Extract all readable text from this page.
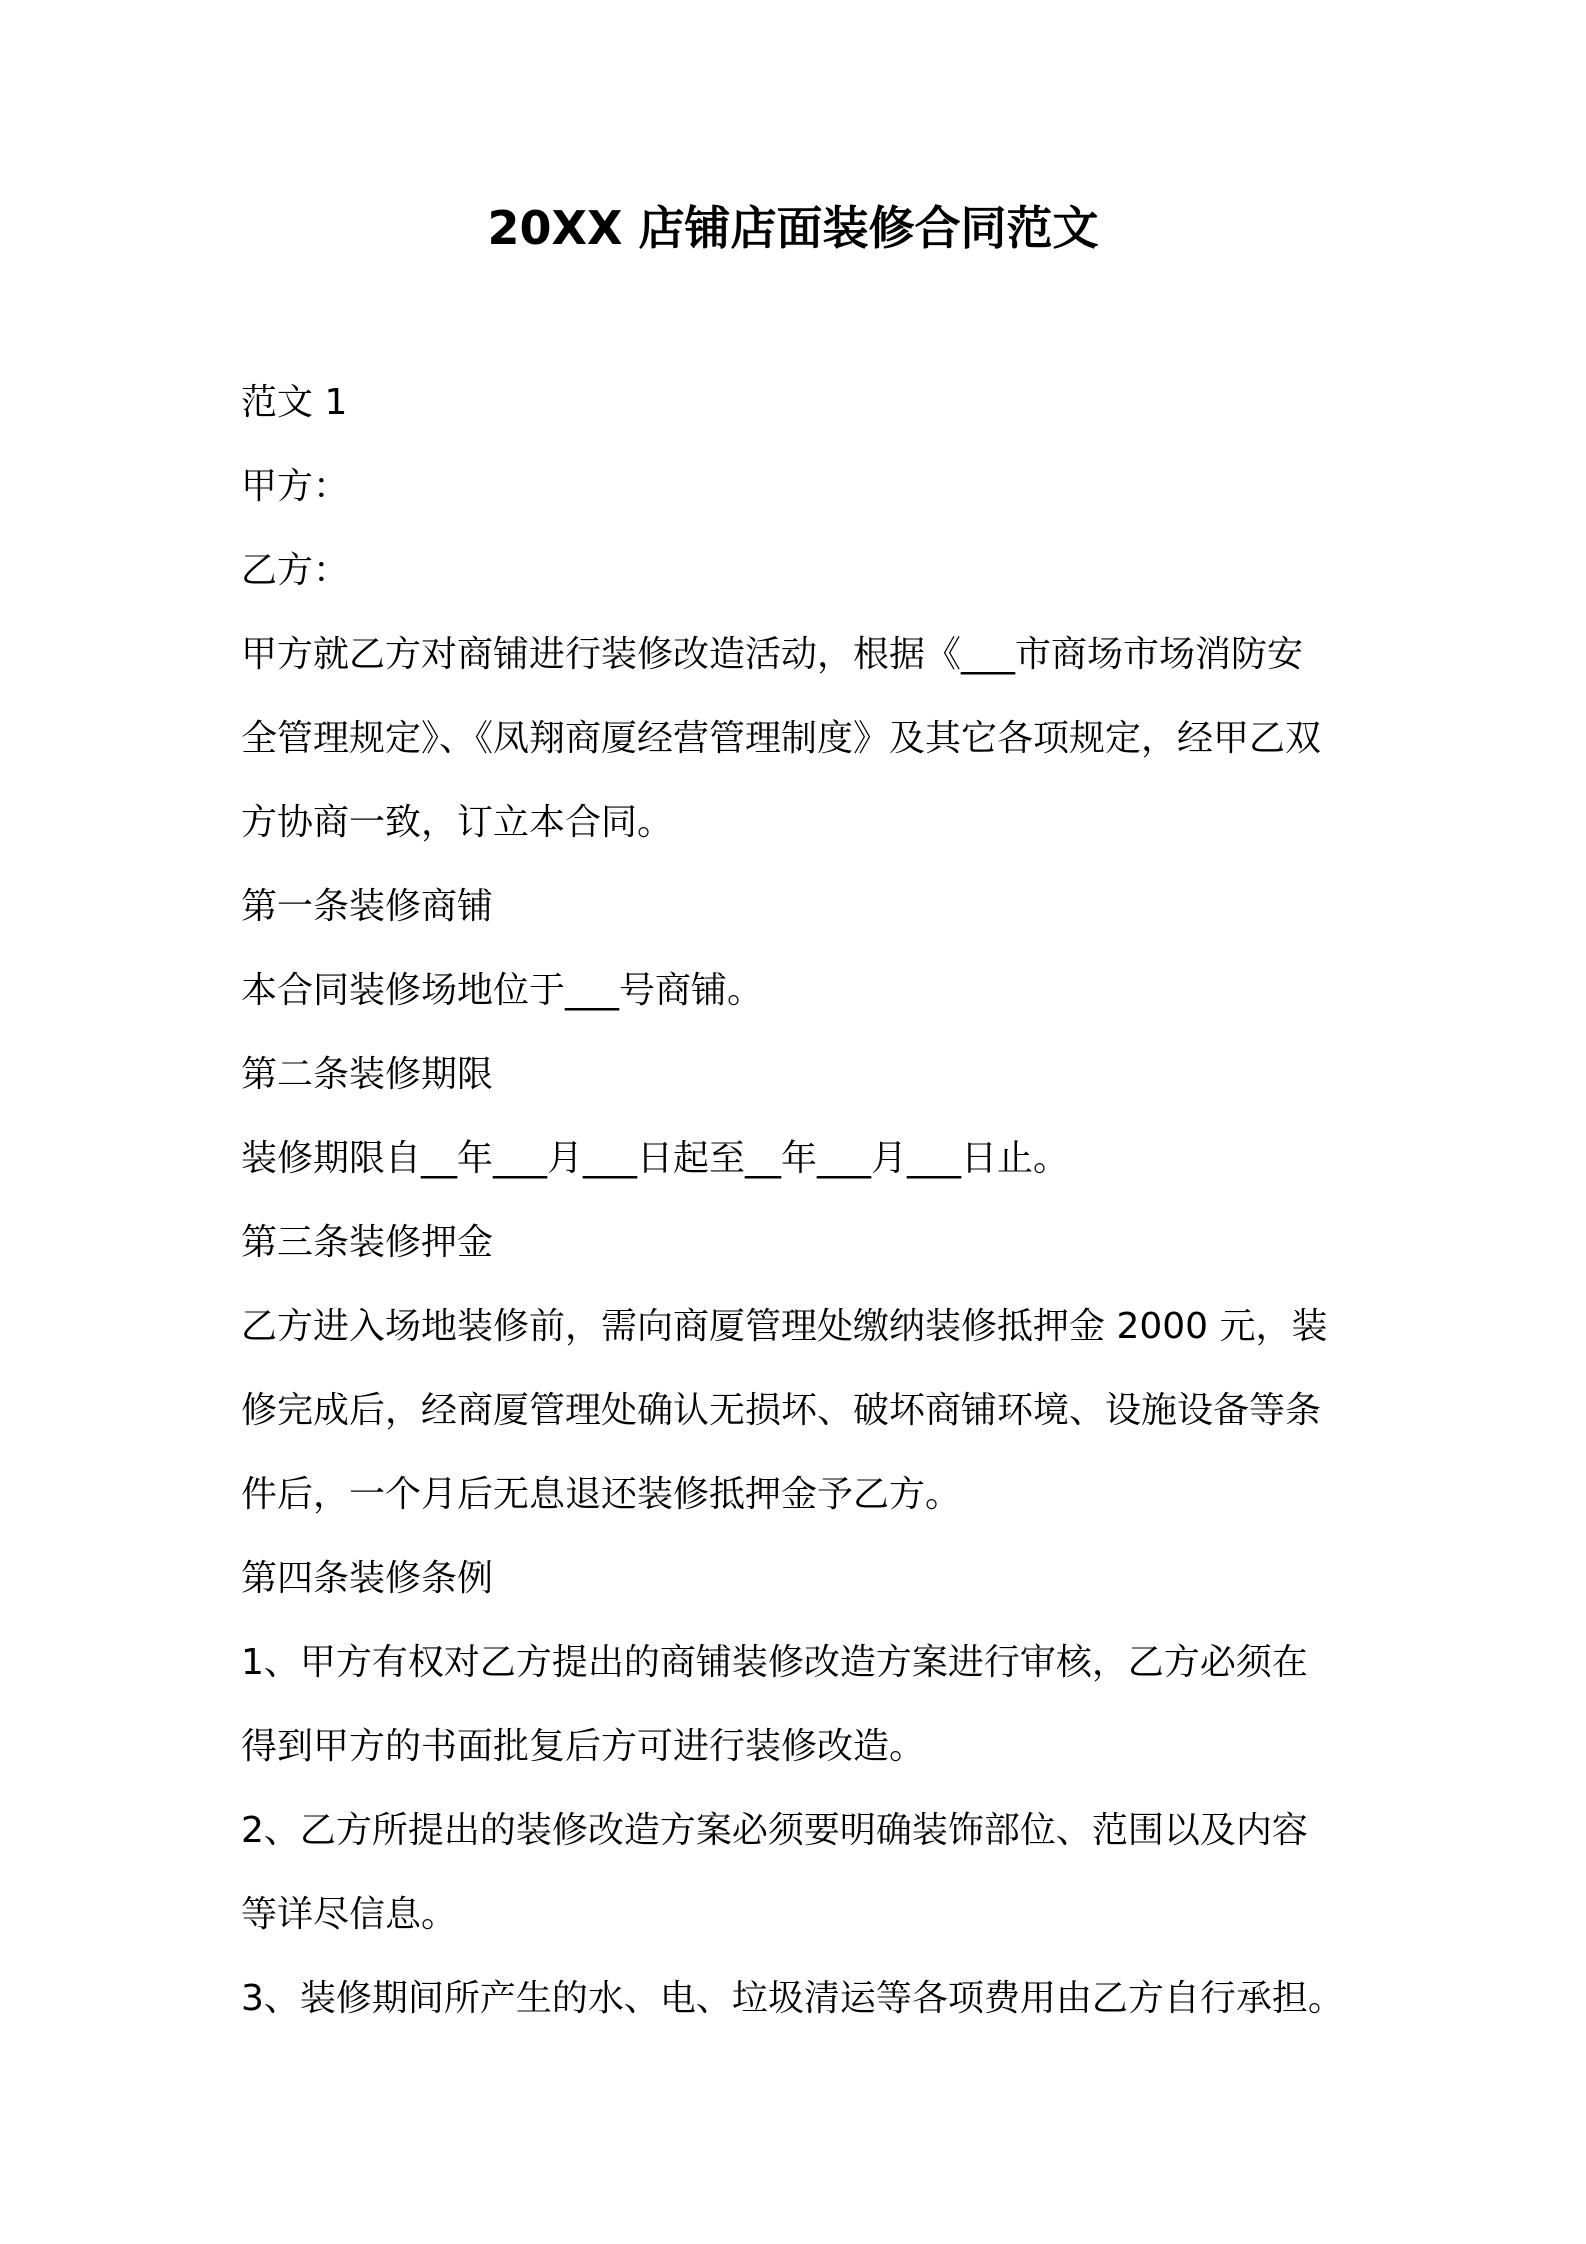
20XX 店铺店面装修合同范文
范文 1
甲方：
乙方：
甲方就乙方对商铺进行装修改造活动，根据《___市商场市场消防安
全管理规定》、《凤翔商厦经营管理制度》及其它各项规定，经甲乙双
方协商一致，订立本合同。
第一条装修商铺
本合同装修场地位于___号商铺。
第二条装修期限
装修期限自__年___月___日起至__年___月___日止。
第三条装修押金
乙方进入场地装修前，需向商厦管理处缴纳装修抵押金 2000 元，装
修完成后，经商厦管理处确认无损坏、破坏商铺环境、设施设备等条
件后，一个月后无息退还装修抵押金予乙方。
第四条装修条例
1、甲方有权对乙方提出的商铺装修改造方案进行审核，乙方必须在
得到甲方的书面批复后方可进行装修改造。
2、乙方所提出的装修改造方案必须要明确装饰部位、范围以及内容
等详尽信息。
3、装修期间所产生的水、电、垃圾清运等各项费用由乙方自行承担。
